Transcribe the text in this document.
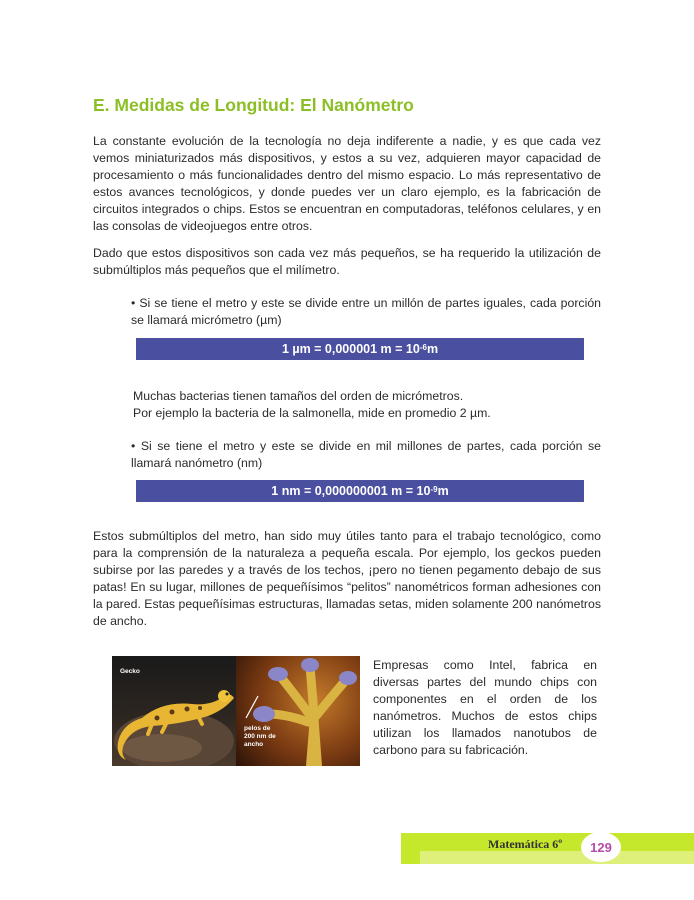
E. Medidas de Longitud: El Nanómetro

La constante evolución de la tecnología no deja indiferente a nadie, y es que cada vez vemos miniaturizados más dispositivos, y estos a su vez, adquieren mayor capacidad de procesamiento o más funcionalidades dentro del mismo espacio. Lo más representativo de estos avances tecnológicos, y donde puedes ver un claro ejemplo, es la fabricación de circuitos integrados o chips. Estos se encuentran en computadoras, teléfonos celulares, y en las consolas de videojuegos entre otros.

Dado que estos dispositivos son cada vez más pequeños, se ha requerido la utilización de submúltiplos más pequeños que el milímetro.

• Si se tiene el metro y este se divide entre un millón de partes iguales, cada porción se llamará micrómetro (µm)

1 µm = 0,000001 $m = 10^{-6}$ m

Muchas bacterias tienen tamaños del orden de micrómetros.

Por ejemplo la bacteria de la salmonella, mide en promedio 2 µm.

• Si se tiene el metro y este se divide en mil millones de partes, cada porción se llamará nanómetro (nm)

1 nm = 0,000000001 $m = 10^{-9}$ m

Estos submúltiplos del metro, han sido muy útiles tanto para el trabajo tecnológico, como para la comprensión de la naturaleza a pequeña escala. Por ejemplo, los geckos pueden subirse por las paredes y a través de los techos, ¡pero no tienen pegamento debajo de sus patas! En su lugar, millones de pequeñísimos “pelitos” nanométricos forman adhesiones con la pared. Estas pequeñísimas estructuras, llamadas setas, miden solamente 200 nanómetros de ancho.

Gecko
pelos de
200 nm de
ancho

Empresas como Intel, fabrica en diversas partes del mundo chips con componentes en el orden de los nanómetros. Muchos de estos chips utilizan los llamados nanotubos de carbono para su fabricación.

Matemática 6º	129
